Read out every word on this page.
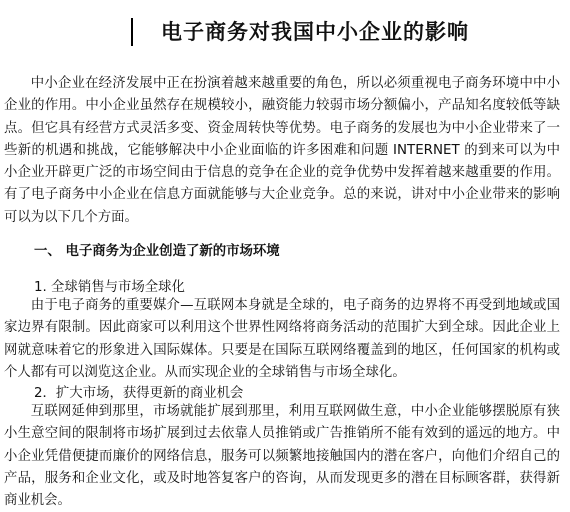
电子商务对我国中小企业的影响
中小企业在经济发展中正在扮演着越来越重要的角色，所以必须重视电子商务环境中中小企业的作用。中小企业虽然存在规模较小，融资能力较弱市场分额偏小，产品知名度较低等缺点。但它具有经营方式灵活多变、资金周转快等优势。电子商务的发展也为中小企业带来了一些新的机遇和挑战，它能够解决中小企业面临的许多困难和问题 INTERNET 的到来可以为中小企业开辟更广泛的市场空间由于信息的竞争在企业的竞争优势中发挥着越来越重要的作用。有了电子商务中小企业在信息方面就能够与大企业竞争。总的来说，讲对中小企业带来的影响可以为以下几个方面。
一、 电子商务为企业创造了新的市场环境
1. 全球销售与市场全球化
由于电子商务的重要媒介—互联网本身就是全球的，电子商务的边界将不再受到地域或国家边界有限制。因此商家可以利用这个世界性网络将商务活动的范围扩大到全球。因此企业上网就意味着它的形象进入国际媒体。只要是在国际互联网络覆盖到的地区，任何国家的机构或个人都有可以浏览这企业。从而实现企业的全球销售与市场全球化。
2．扩大市场，获得更新的商业机会
互联网延伸到那里，市场就能扩展到那里，利用互联网做生意，中小企业能够摆脱原有狭小生意空间的限制将市场扩展到过去依靠人员推销或广告推销所不能有效到的遥远的地方。中小企业凭借便捷而廉价的网络信息，服务可以频繁地接触国内的潜在客户，向他们介绍自己的产品，服务和企业文化，或及时地答复客户的咨询，从而发现更多的潜在目标顾客群，获得新商业机会。
